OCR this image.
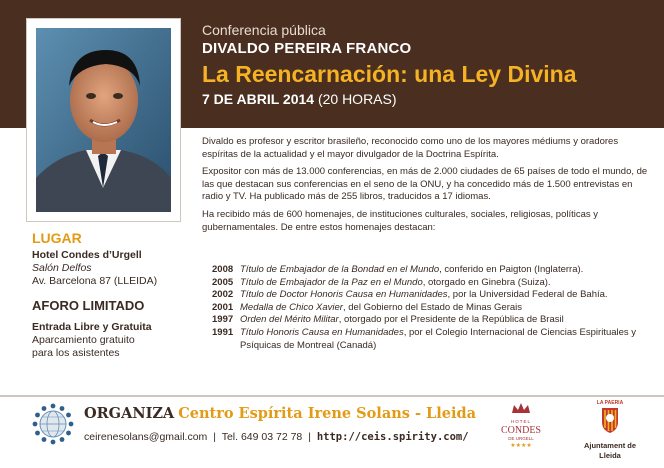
Conferencia pública
DIVALDO PEREIRA FRANCO
La Reencarnación: una Ley Divina
7 DE ABRIL 2014 (20 HORAS)

Divaldo es profesor y escritor brasileño, reconocido como uno de los mayores médiums y oradores espíritas de la actualidad y el mayor divulgador de la Doctrina Espírita.

Expositor con más de 13.000 conferencias, en más de 2.000 ciudades de 65 países de todo el mundo, de las que destacan sus conferencias en el seno de la ONU, y ha concedido más de 1.500 entrevistas en radio y TV. Ha publicado más de 255 libros, traducidos a 17 idiomas.

Ha recibido más de 600 homenajes, de instituciones culturales, sociales, religiosas, políticas y gubernamentales. De entre estos homenajes destacan:

2008 Título de Embajador de la Bondad en el Mundo, conferido en Paigton (Inglaterra).
2005 Título de Embajador de la Paz en el Mundo, otorgado en Ginebra (Suiza).
2002 Título de Doctor Honoris Causa en Humanidades, por la Universidad Federal de Bahía.
2001 Medalla de Chico Xavier, del Gobierno del Estado de Minas Gerais
1997 Orden del Mérito Militar, otorgado por el Presidente de la República de Brasil
1991 Título Honoris Causa en Humanidades, por el Colegio Internacional de Ciencias Espirituales y Psíquicas de Montreal (Canadá)
LUGAR
Hotel Condes d’Urgell
Salón Delfos
Av. Barcelona 87 (LLEIDA)
AFORO LIMITADO
Entrada Libre y Gratuita
Aparcamiento gratuito
para los asistentes
ORGANIZA Centro Espírita Irene Solans - Lleida
ceirenesolans@gmail.com | Tel. 649 03 72 78 | http://ceis.spirity.com/
HOTEL
CONDES
DE URGELL
★★★★
LA PAERIA
Ajuntament de Lleida
